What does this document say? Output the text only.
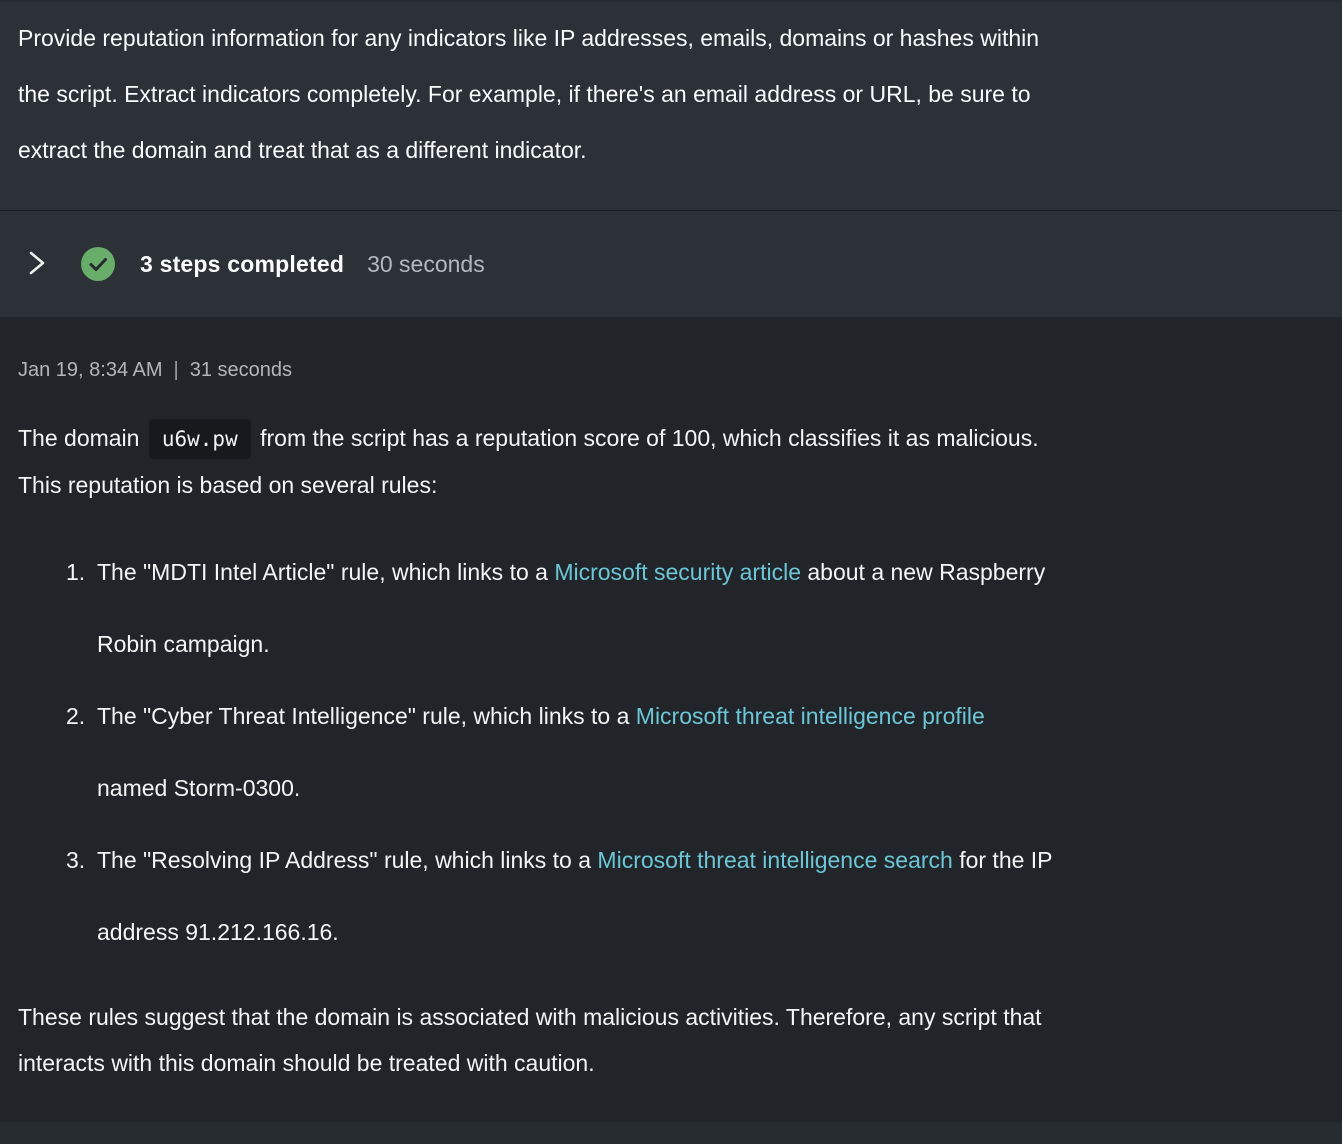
Provide reputation information for any indicators like IP addresses, emails, domains or hashes within
the script. Extract indicators completely. For example, if there's an email address or URL, be sure to
extract the domain and treat that as a different indicator.
3 steps completed 30 seconds
Jan 19, 8:34 AM | 31 seconds
The domain u6w.pw from the script has a reputation score of 100, which classifies it as malicious.
This reputation is based on several rules:
1. The "MDTI Intel Article" rule, which links to a Microsoft security article about a new Raspberry
Robin campaign.
2. The "Cyber Threat Intelligence" rule, which links to a Microsoft threat intelligence profile
named Storm-0300.
3. The "Resolving IP Address" rule, which links to a Microsoft threat intelligence search for the IP
address 91.212.166.16.
These rules suggest that the domain is associated with malicious activities. Therefore, any script that
interacts with this domain should be treated with caution.
